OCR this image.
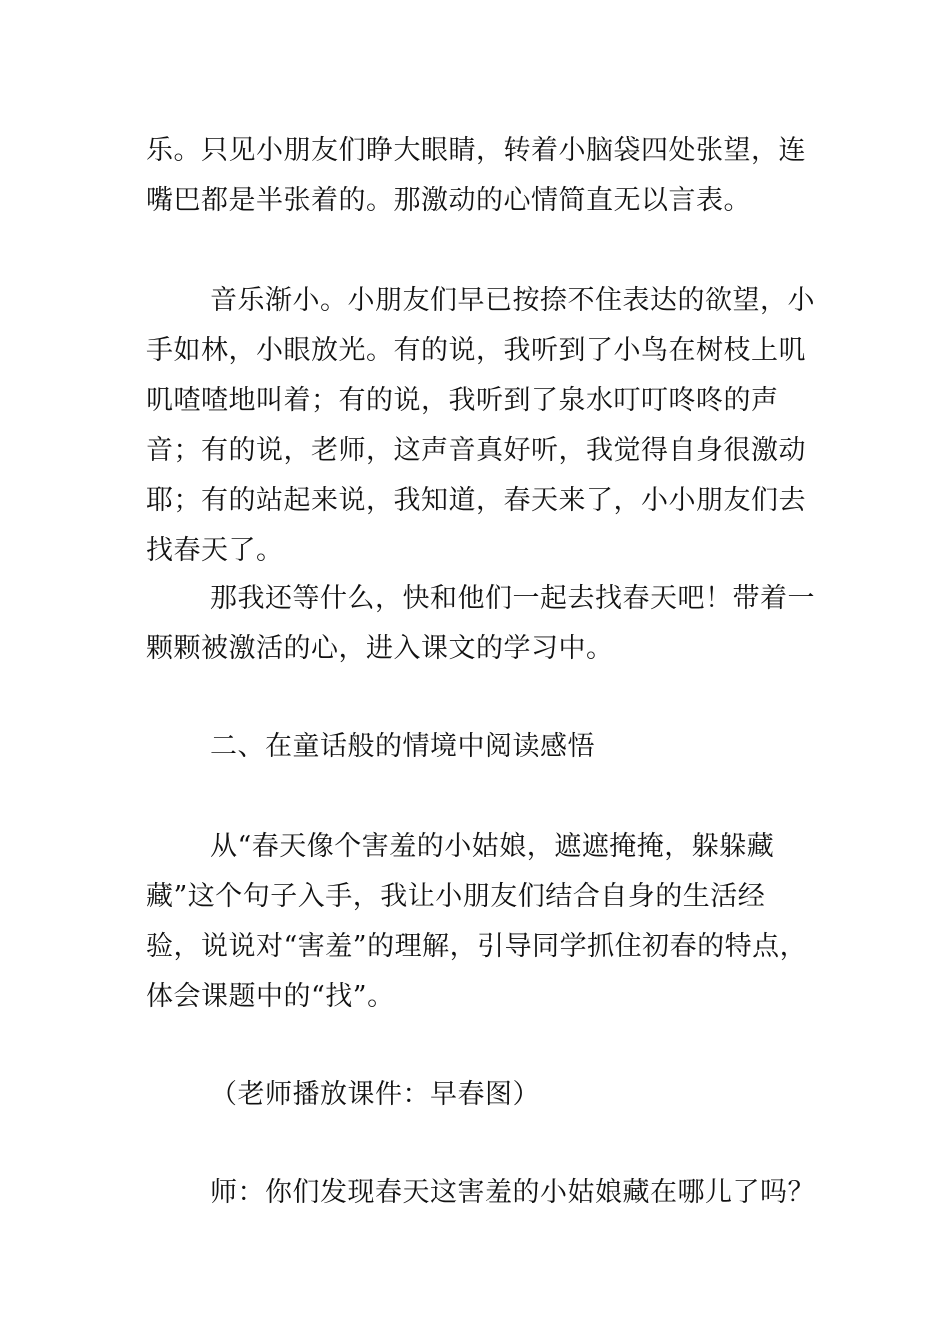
乐。只见小朋友们睁大眼睛，转着小脑袋四处张望，连嘴巴都是半张着的。那激动的心情简直无以言表。

音乐渐小。小朋友们早已按捺不住表达的欲望，小手如林，小眼放光。有的说，我听到了小鸟在树枝上叽叽喳喳地叫着；有的说，我听到了泉水叮叮咚咚的声音；有的说，老师，这声音真好听，我觉得自身很激动耶；有的站起来说，我知道，春天来了，小小朋友们去找春天了。

那我还等什么，快和他们一起去找春天吧！带着一颗颗被激活的心，进入课文的学习中。

二、在童话般的情境中阅读感悟

从“春天像个害羞的小姑娘，遮遮掩掩，躲躲藏藏”这个句子入手，我让小朋友们结合自身的生活经验，说说对“害羞”的理解，引导同学抓住初春的特点，体会课题中的“找”。

（老师播放课件：早春图）

师：你们发现春天这害羞的小姑娘藏在哪儿了吗？
